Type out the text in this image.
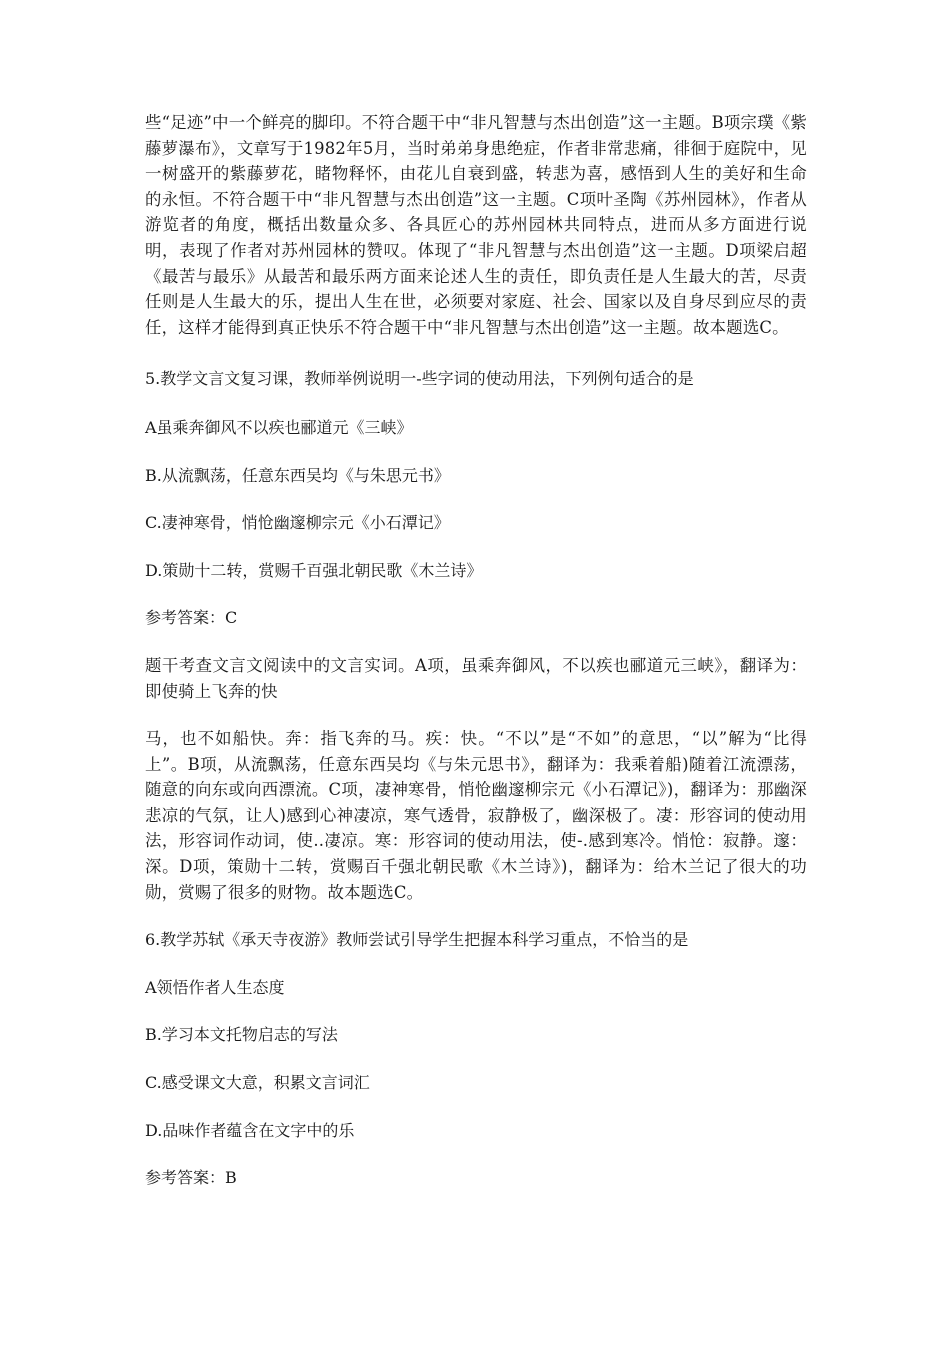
些“足迹”中一个鲜亮的脚印。不符合题干中“非凡智慧与杰出创造”这一主题。B项宗璞《紫藤萝瀑布》，文章写于1982年5月，当时弟弟身患绝症，作者非常悲痛，徘徊于庭院中，见一树盛开的紫藤萝花，睹物释怀，由花儿自衰到盛，转悲为喜，感悟到人生的美好和生命的永恒。不符合题干中“非凡智慧与杰出创造”这一主题。C项叶圣陶《苏州园林》，作者从游览者的角度，概括出数量众多、各具匠心的苏州园林共同特点，进而从多方面进行说明，表现了作者对苏州园林的赞叹。体现了“非凡智慧与杰出创造”这一主题。D项梁启超《最苦与最乐》从最苦和最乐两方面来论述人生的责任，即负责任是人生最大的苦，尽责任则是人生最大的乐，提出人生在世，必须要对家庭、社会、国家以及自身尽到应尽的责任，这样才能得到真正快乐不符合题干中“非凡智慧与杰出创造”这一主题。故本题选C。

5.教学文言文复习课，教师举例说明一-些字词的使动用法，下列例句适合的是

A虽乘奔御风不以疾也郦道元《三峡》

B.从流飘荡，任意东西吴均《与朱思元书》

C.凄神寒骨，悄怆幽邃柳宗元《小石潭记》

D.策勋十二转，赏赐千百强北朝民歌《木兰诗》

参考答案：C

题干考查文言文阅读中的文言实词。A项，虽乘奔御风，不以疾也郦道元三峡》，翻译为：即使骑上飞奔的快

马，也不如船快。奔：指飞奔的马。疾：快。“不以”是“不如”的意思，“以”解为“比得上”。B项，从流飘荡，任意东西吴均《与朱元思书》，翻译为：我乘着船)随着江流漂荡，随意的向东或向西漂流。C项，凄神寒骨，悄怆幽邃柳宗元《小石潭记》)，翻译为：那幽深悲凉的气氛，让人)感到心神凄凉，寒气透骨，寂静极了，幽深极了。凄：形容词的使动用法，形容词作动词，使..凄凉。寒：形容词的使动用法，使-.感到寒冷。悄怆：寂静。邃：深。D项，策勋十二转，赏赐百千强北朝民歌《木兰诗》)，翻译为：给木兰记了很大的功勋，赏赐了很多的财物。故本题选C。

6.教学苏轼《承天寺夜游》教师尝试引导学生把握本科学习重点，不恰当的是

A领悟作者人生态度

B.学习本文托物启志的写法

C.感受课文大意，积累文言词汇

D.品味作者蕴含在文字中的乐

参考答案：B
